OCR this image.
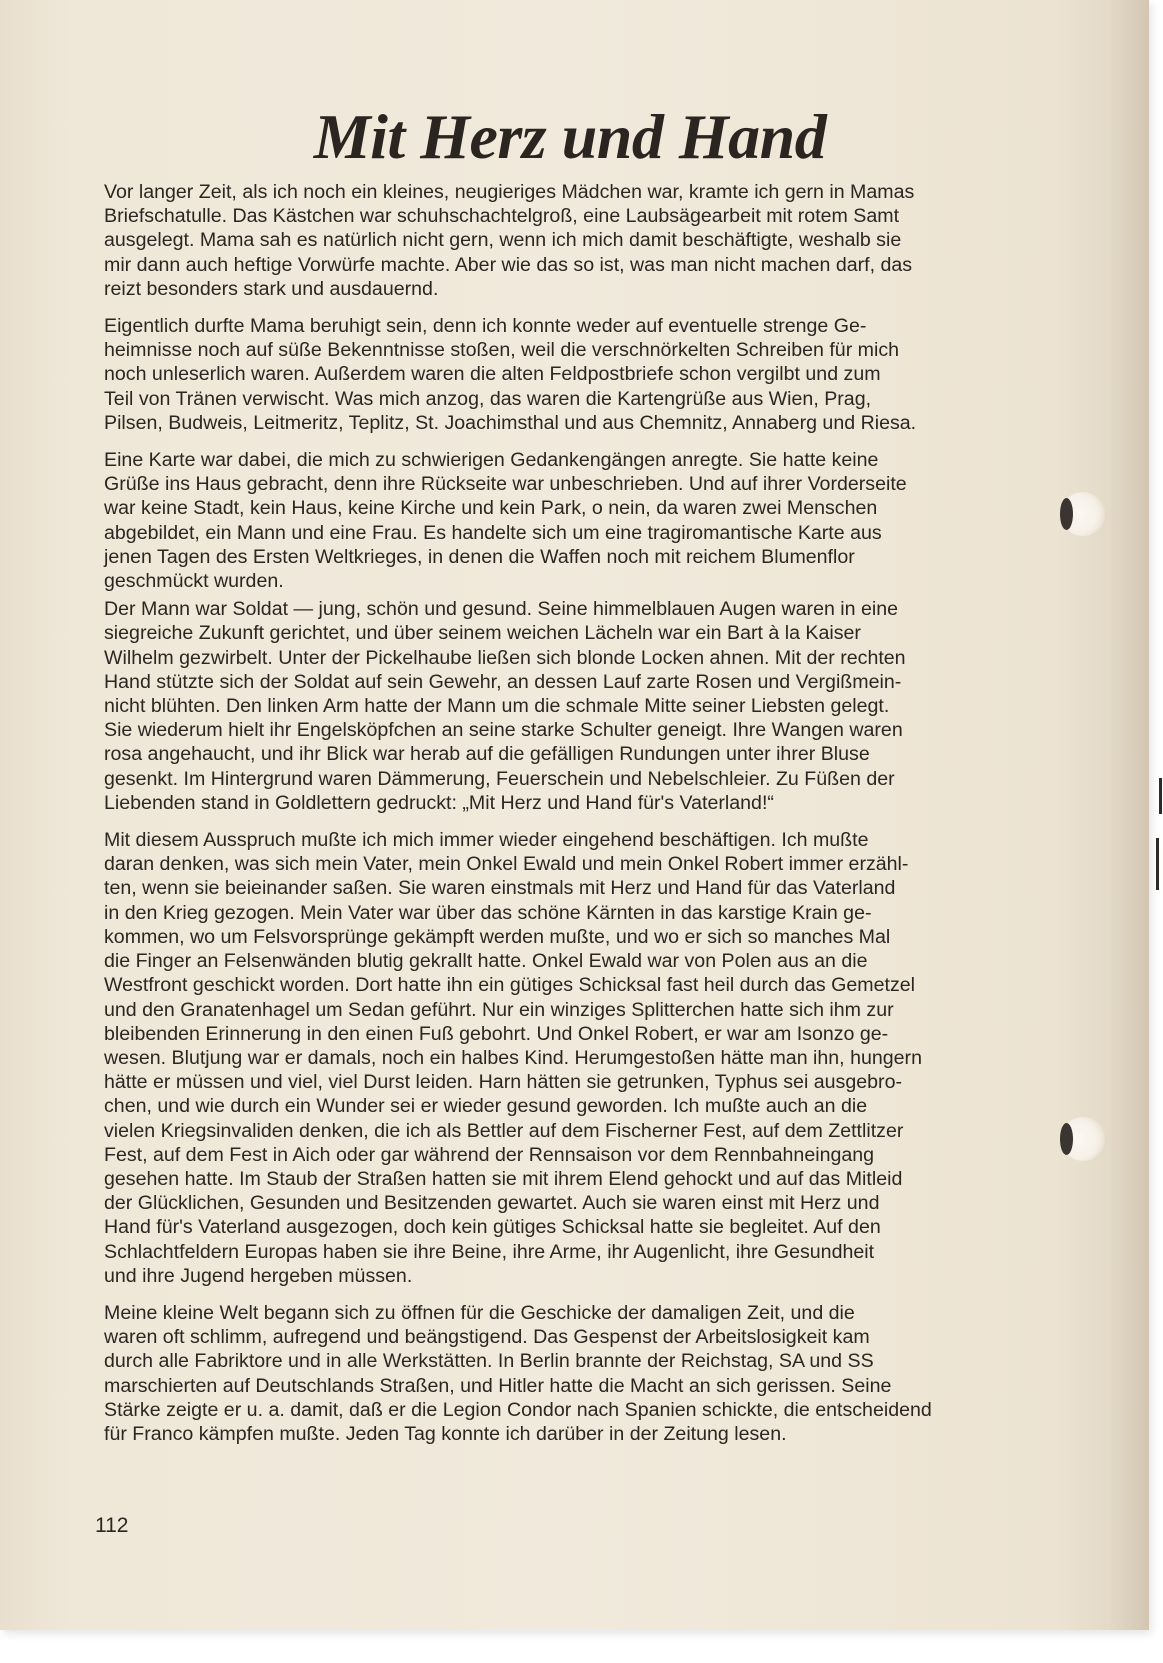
Mit Herz und Hand

Vor langer Zeit, als ich noch ein kleines, neugieriges Mädchen war, kramte ich gern in Mamas
Briefschatulle. Das Kästchen war schuhschachtelgroß, eine Laubsägearbeit mit rotem Samt
ausgelegt. Mama sah es natürlich nicht gern, wenn ich mich damit beschäftigte, weshalb sie
mir dann auch heftige Vorwürfe machte. Aber wie das so ist, was man nicht machen darf, das
reizt besonders stark und ausdauernd.

Eigentlich durfte Mama beruhigt sein, denn ich konnte weder auf eventuelle strenge Ge-
heimnisse noch auf süße Bekenntnisse stoßen, weil die verschnörkelten Schreiben für mich
noch unleserlich waren. Außerdem waren die alten Feldpostbriefe schon vergilbt und zum
Teil von Tränen verwischt. Was mich anzog, das waren die Kartengrüße aus Wien, Prag,
Pilsen, Budweis, Leitmeritz, Teplitz, St. Joachimsthal und aus Chemnitz, Annaberg und Riesa.

Eine Karte war dabei, die mich zu schwierigen Gedankengängen anregte. Sie hatte keine
Grüße ins Haus gebracht, denn ihre Rückseite war unbeschrieben. Und auf ihrer Vorderseite
war keine Stadt, kein Haus, keine Kirche und kein Park, o nein, da waren zwei Menschen
abgebildet, ein Mann und eine Frau. Es handelte sich um eine tragiromantische Karte aus
jenen Tagen des Ersten Weltkrieges, in denen die Waffen noch mit reichem Blumenflor
geschmückt wurden.

Der Mann war Soldat — jung, schön und gesund. Seine himmelblauen Augen waren in eine
siegreiche Zukunft gerichtet, und über seinem weichen Lächeln war ein Bart à la Kaiser
Wilhelm gezwirbelt. Unter der Pickelhaube ließen sich blonde Locken ahnen. Mit der rechten
Hand stützte sich der Soldat auf sein Gewehr, an dessen Lauf zarte Rosen und Vergißmein-
nicht blühten. Den linken Arm hatte der Mann um die schmale Mitte seiner Liebsten gelegt.
Sie wiederum hielt ihr Engelsköpfchen an seine starke Schulter geneigt. Ihre Wangen waren
rosa angehaucht, und ihr Blick war herab auf die gefälligen Rundungen unter ihrer Bluse
gesenkt. Im Hintergrund waren Dämmerung, Feuerschein und Nebelschleier. Zu Füßen der
Liebenden stand in Goldlettern gedruckt: „Mit Herz und Hand für's Vaterland!“

Mit diesem Ausspruch mußte ich mich immer wieder eingehend beschäftigen. Ich mußte
daran denken, was sich mein Vater, mein Onkel Ewald und mein Onkel Robert immer erzähl-
ten, wenn sie beieinander saßen. Sie waren einstmals mit Herz und Hand für das Vaterland
in den Krieg gezogen. Mein Vater war über das schöne Kärnten in das karstige Krain ge-
kommen, wo um Felsvorsprünge gekämpft werden mußte, und wo er sich so manches Mal
die Finger an Felsenwänden blutig gekrallt hatte. Onkel Ewald war von Polen aus an die
Westfront geschickt worden. Dort hatte ihn ein gütiges Schicksal fast heil durch das Gemetzel
und den Granatenhagel um Sedan geführt. Nur ein winziges Splitterchen hatte sich ihm zur
bleibenden Erinnerung in den einen Fuß gebohrt. Und Onkel Robert, er war am Isonzo ge-
wesen. Blutjung war er damals, noch ein halbes Kind. Herumgestoßen hätte man ihn, hungern
hätte er müssen und viel, viel Durst leiden. Harn hätten sie getrunken, Typhus sei ausgebro-
chen, und wie durch ein Wunder sei er wieder gesund geworden. Ich mußte auch an die
vielen Kriegsinvaliden denken, die ich als Bettler auf dem Fischerner Fest, auf dem Zettlitzer
Fest, auf dem Fest in Aich oder gar während der Rennsaison vor dem Rennbahneingang
gesehen hatte. Im Staub der Straßen hatten sie mit ihrem Elend gehockt und auf das Mitleid
der Glücklichen, Gesunden und Besitzenden gewartet. Auch sie waren einst mit Herz und
Hand für's Vaterland ausgezogen, doch kein gütiges Schicksal hatte sie begleitet. Auf den
Schlachtfeldern Europas haben sie ihre Beine, ihre Arme, ihr Augenlicht, ihre Gesundheit
und ihre Jugend hergeben müssen.

Meine kleine Welt begann sich zu öffnen für die Geschicke der damaligen Zeit, und die
waren oft schlimm, aufregend und beängstigend. Das Gespenst der Arbeitslosigkeit kam
durch alle Fabriktore und in alle Werkstätten. In Berlin brannte der Reichstag, SA und SS
marschierten auf Deutschlands Straßen, und Hitler hatte die Macht an sich gerissen. Seine
Stärke zeigte er u. a. damit, daß er die Legion Condor nach Spanien schickte, die entscheidend
für Franco kämpfen mußte. Jeden Tag konnte ich darüber in der Zeitung lesen.

112
